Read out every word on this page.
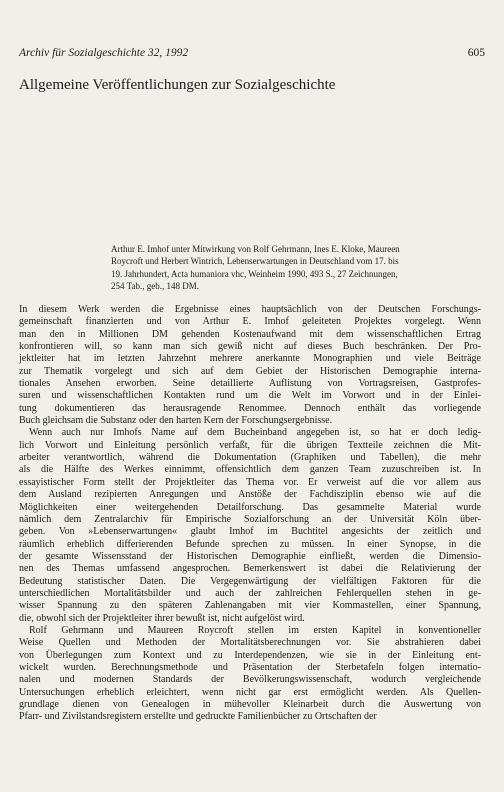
Archiv für Sozialgeschichte 32, 1992	605
Allgemeine Veröffentlichungen zur Sozialgeschichte
Arthur E. Imhof unter Mitwirkung von Rolf Gehrmann, Ines E. Kloke, Maureen
Roycroft und Herbert Wintrich, Lebenserwartungen in Deutschland vom 17. bis
19. Jahrhundert, Acta humaniora vhc, Weinheim 1990, 493 S., 27 Zeichnungen,
254 Tab., geb., 148 DM.
In diesem Werk werden die Ergebnisse eines hauptsächlich von der Deutschen Forschungs-
gemeinschaft finanzierten und von Arthur E. Imhof geleiteten Projektes vorgelegt. Wenn
man den in Millionen DM gehenden Kostenaufwand mit dem wissenschaftlichen Ertrag
konfrontieren will, so kann man sich gewiß nicht auf dieses Buch beschränken. Der Pro-
jektleiter hat im letzten Jahrzehnt mehrere anerkannte Monographien und viele Beiträge
zur Thematik vorgelegt und sich auf dem Gebiet der Historischen Demographie interna-
tionales Ansehen erworben. Seine detaillierte Auflistung von Vortragsreisen, Gastprofes-
suren und wissenschaftlichen Kontakten rund um die Welt im Vorwort und in der Einlei-
tung dokumentieren das herausragende Renommee. Dennoch enthält das vorliegende
Buch gleichsam die Substanz oder den harten Kern der Forschungsergebnisse.
Wenn auch nur Imhofs Name auf dem Bucheinband angegeben ist, so hat er doch ledig-
lich Vorwort und Einleitung persönlich verfaßt, für die übrigen Textteile zeichnen die Mit-
arbeiter verantwortlich, während die Dokumentation (Graphiken und Tabellen), die mehr
als die Hälfte des Werkes einnimmt, offensichtlich dem ganzen Team zuzuschreiben ist. In
essayistischer Form stellt der Projektleiter das Thema vor. Er verweist auf die vor allem aus
dem Ausland rezipierten Anregungen und Anstöße der Fachdisziplin ebenso wie auf die
Möglichkeiten einer weitergehenden Detailforschung. Das gesammelte Material wurde
nämlich dem Zentralarchiv für Empirische Sozialforschung an der Universität Köln über-
geben. Von »Lebenserwartungen« glaubt Imhof im Buchtitel angesichts der zeitlich und
räumlich erheblich differierenden Befunde sprechen zu müssen. In einer Synopse, in die
der gesamte Wissensstand der Historischen Demographie einfließt, werden die Dimensio-
nen des Themas umfassend angesprochen. Bemerkenswert ist dabei die Relativierung der
Bedeutung statistischer Daten. Die Vergegenwärtigung der vielfältigen Faktoren für die
unterschiedlichen Mortalitätsbilder und auch der zahlreichen Fehlerquellen stehen in ge-
wisser Spannung zu den späteren Zahlenangaben mit vier Kommastellen, einer Spannung,
die, obwohl sich der Projektleiter ihrer bewußt ist, nicht aufgelöst wird.
Rolf Gehrmann und Maureen Roycroft stellen im ersten Kapitel in konventioneller
Weise Quellen und Methoden der Mortalitätsberechnungen vor. Sie abstrahieren dabei
von Überlegungen zum Kontext und zu Interdependenzen, wie sie in der Einleitung ent-
wickelt wurden. Berechnungsmethode und Präsentation der Sterbetafeln folgen internatio-
nalen und modernen Standards der Bevölkerungswissenschaft, wodurch vergleichende
Untersuchungen erheblich erleichtert, wenn nicht gar erst ermöglicht werden. Als Quellen-
grundlage dienen von Genealogen in mühevoller Kleinarbeit durch die Auswertung von
Pfarr- und Zivilstandsregistern erstellte und gedruckte Familienbücher zu Ortschaften der
